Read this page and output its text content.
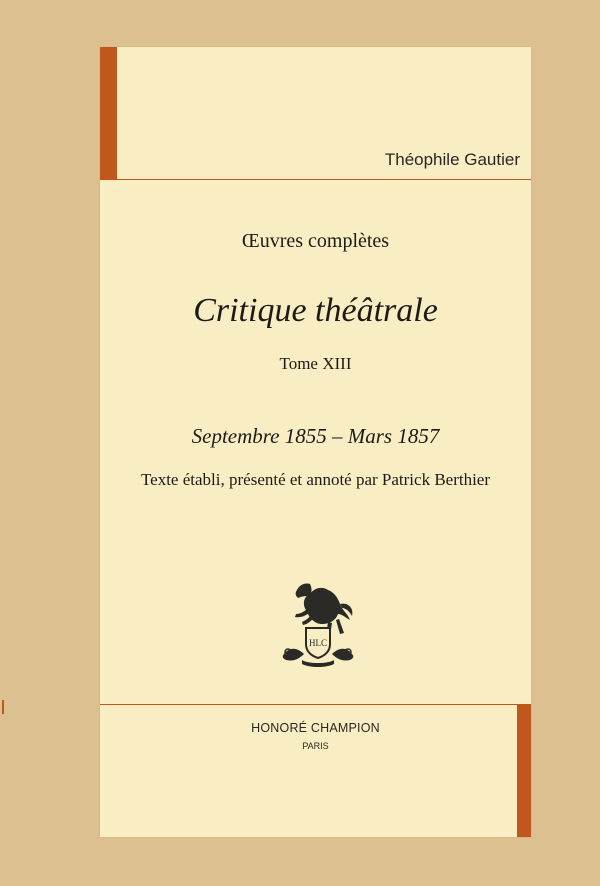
Théophile Gautier
Œuvres complètes
Critique théâtrale
Tome XIII
Septembre 1855 – Mars 1857
Texte établi, présenté et annoté par Patrick Berthier
HLC
HONORÉ CHAMPION
PARIS
